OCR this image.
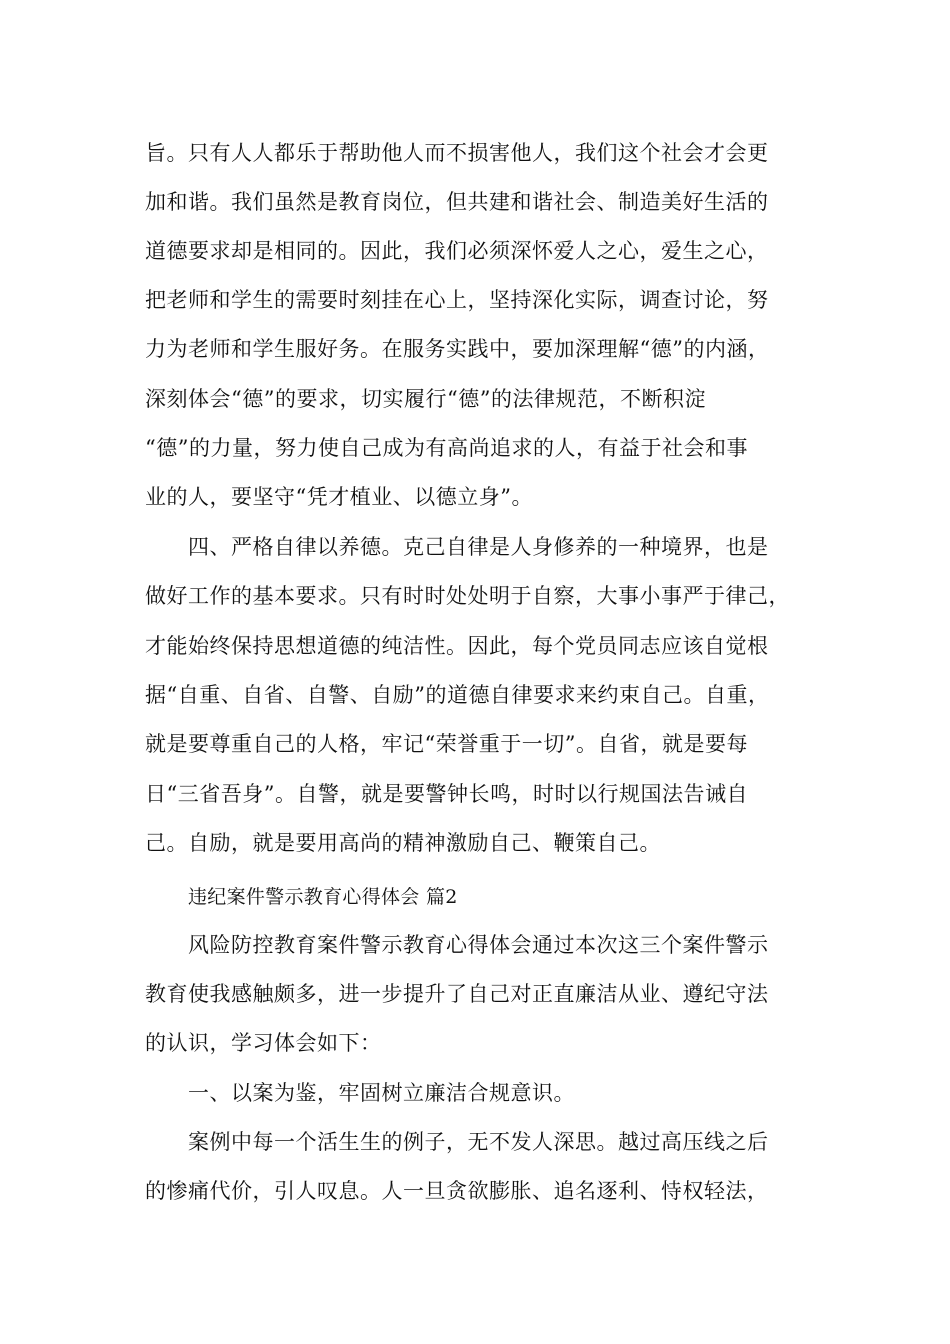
旨。只有人人都乐于帮助他人而不损害他人，我们这个社会才会更
加和谐。我们虽然是教育岗位，但共建和谐社会、制造美好生活的
道德要求却是相同的。因此，我们必须深怀爱人之心，爱生之心，
把老师和学生的需要时刻挂在心上，坚持深化实际，调查讨论，努
力为老师和学生服好务。在服务实践中，要加深理解“德”的内涵，
深刻体会“德”的要求，切实履行“德”的法律规范，不断积淀
“德”的力量，努力使自己成为有高尚追求的人，有益于社会和事
业的人，要坚守“凭才植业、以德立身”。
四、严格自律以养德。克己自律是人身修养的一种境界，也是
做好工作的基本要求。只有时时处处明于自察，大事小事严于律己，
才能始终保持思想道德的纯洁性。因此，每个党员同志应该自觉根
据“自重、自省、自警、自励”的道德自律要求来约束自己。自重，
就是要尊重自己的人格，牢记“荣誉重于一切”。自省，就是要每
日“三省吾身”。自警，就是要警钟长鸣，时时以行规国法告诫自
己。自励，就是要用高尚的精神激励自己、鞭策自己。
违纪案件警示教育心得体会 篇2
风险防控教育案件警示教育心得体会通过本次这三个案件警示
教育使我感触颇多，进一步提升了自己对正直廉洁从业、遵纪守法
的认识，学习体会如下：
一、以案为鉴，牢固树立廉洁合规意识。
案例中每一个活生生的例子，无不发人深思。越过高压线之后
的惨痛代价，引人叹息。人一旦贪欲膨胀、追名逐利、恃权轻法，
